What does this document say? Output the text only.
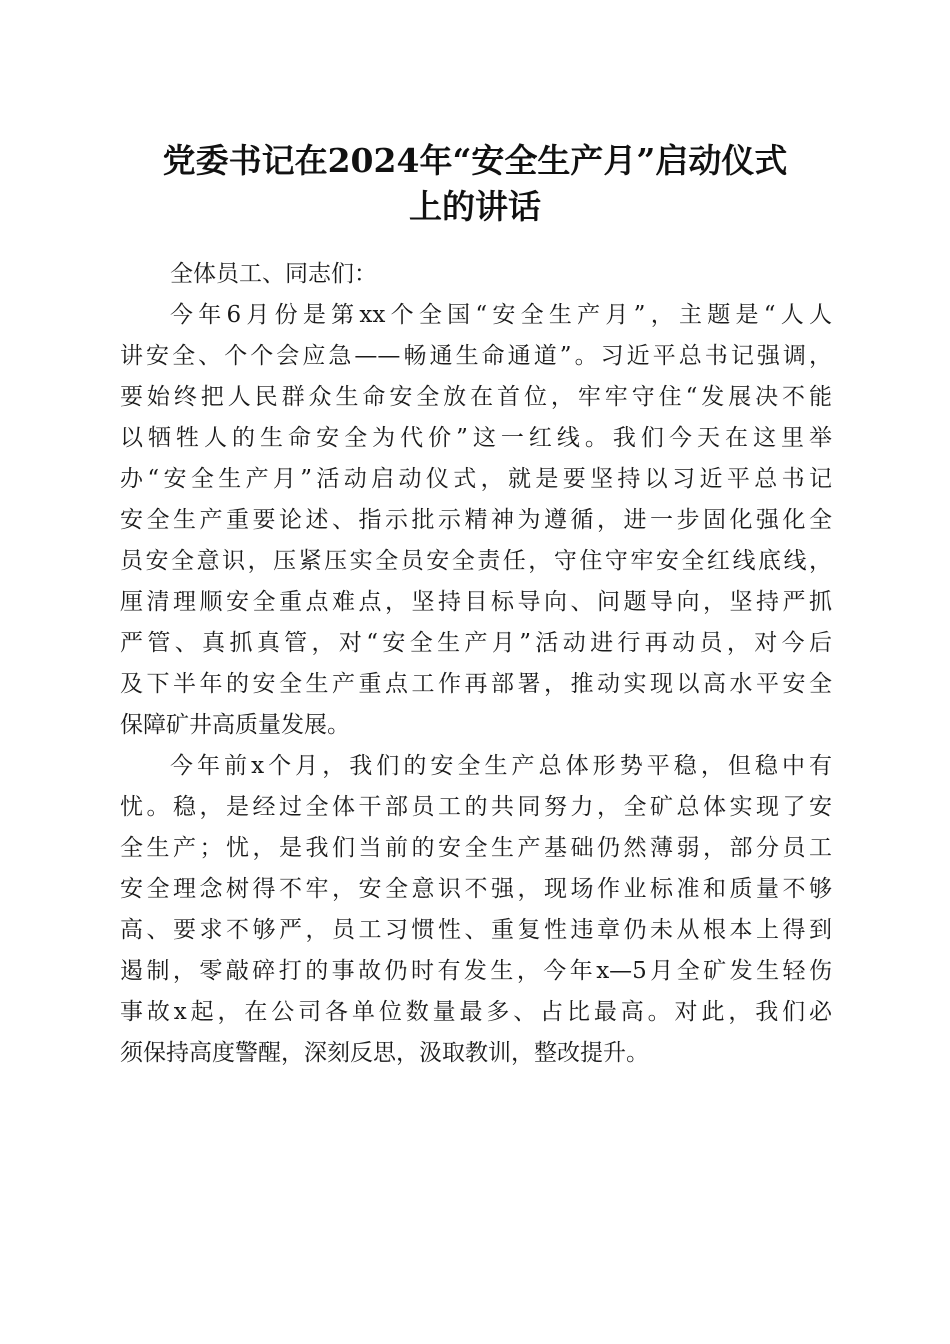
党委书记在2024年“安全生产月”启动仪式
上的讲话
全体员工、同志们：
今年6月份是第xx个全国“安全生产月”，主题是“人人
讲安全、个个会应急——畅通生命通道”。习近平总书记强调，
要始终把人民群众生命安全放在首位，牢牢守住“发展决不能
以牺牲人的生命安全为代价”这一红线。我们今天在这里举
办“安全生产月”活动启动仪式，就是要坚持以习近平总书记
安全生产重要论述、指示批示精神为遵循，进一步固化强化全
员安全意识，压紧压实全员安全责任，守住守牢安全红线底线，
厘清理顺安全重点难点，坚持目标导向、问题导向，坚持严抓
严管、真抓真管，对“安全生产月”活动进行再动员，对今后
及下半年的安全生产重点工作再部署，推动实现以高水平安全
保障矿井高质量发展。
今年前x个月，我们的安全生产总体形势平稳，但稳中有
忧。稳，是经过全体干部员工的共同努力，全矿总体实现了安
全生产；忧，是我们当前的安全生产基础仍然薄弱，部分员工
安全理念树得不牢，安全意识不强，现场作业标准和质量不够
高、要求不够严，员工习惯性、重复性违章仍未从根本上得到
遏制，零敲碎打的事故仍时有发生，今年x—5月全矿发生轻伤
事故x起，在公司各单位数量最多、占比最高。对此，我们必
须保持高度警醒，深刻反思，汲取教训，整改提升。
